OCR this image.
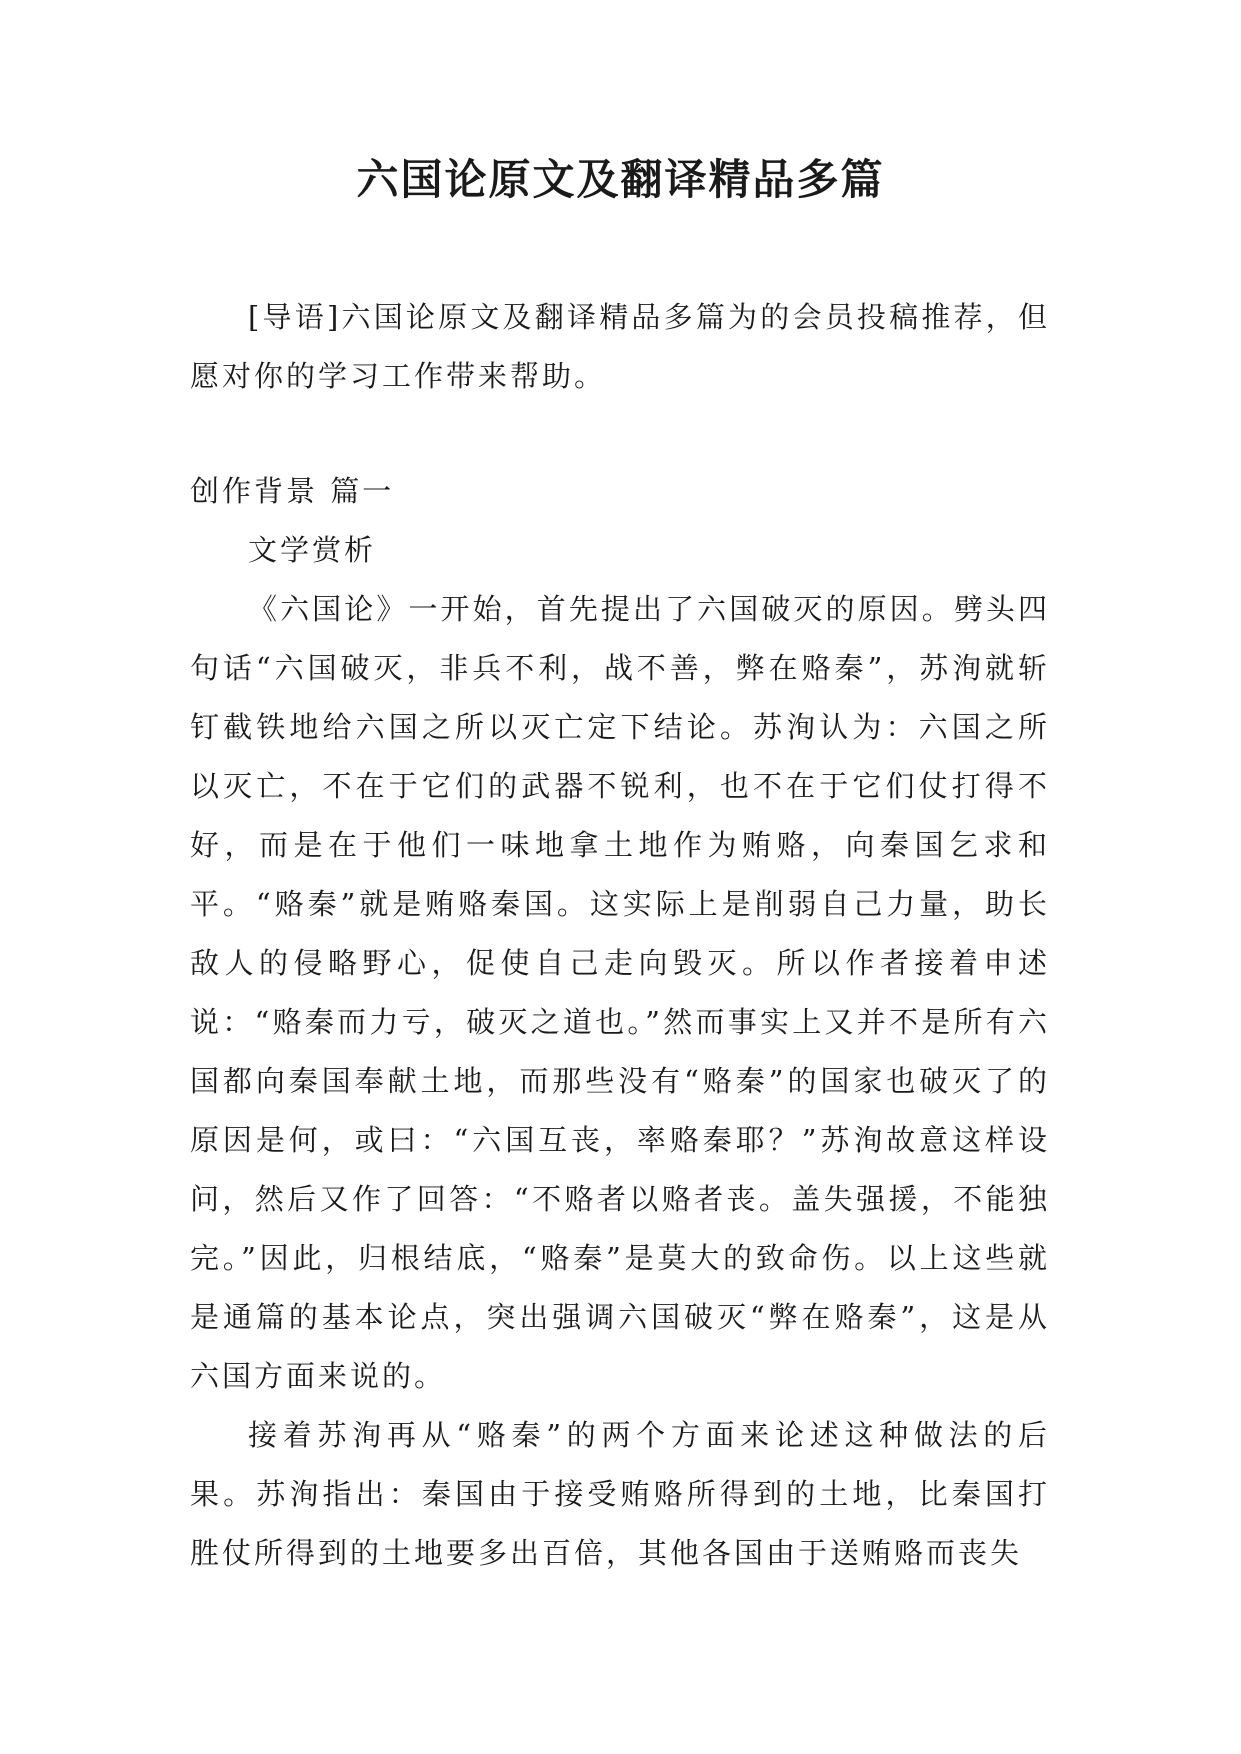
六国论原文及翻译精品多篇

[导语]六国论原文及翻译精品多篇为的会员投稿推荐，但愿对你的学习工作带来帮助。

创作背景 篇一

文学赏析

《六国论》一开始，首先提出了六国破灭的原因。劈头四句话“六国破灭，非兵不利，战不善，弊在赂秦”，苏洵就斩钉截铁地给六国之所以灭亡定下结论。苏洵认为：六国之所以灭亡，不在于它们的武器不锐利，也不在于它们仗打得不好，而是在于他们一味地拿土地作为贿赂，向秦国乞求和平。“赂秦”就是贿赂秦国。这实际上是削弱自己力量，助长敌人的侵略野心，促使自己走向毁灭。所以作者接着申述说：“赂秦而力亏，破灭之道也。”然而事实上又并不是所有六国都向秦国奉献土地，而那些没有“赂秦”的国家也破灭了的原因是何，或曰：“六国互丧，率赂秦耶？”苏洵故意这样设问，然后又作了回答：“不赂者以赂者丧。盖失强援，不能独完。”因此，归根结底，“赂秦”是莫大的致命伤。以上这些就是通篇的基本论点，突出强调六国破灭“弊在赂秦”，这是从六国方面来说的。

接着苏洵再从“赂秦”的两个方面来论述这种做法的后果。苏洵指出：秦国由于接受贿赂所得到的土地，比秦国打胜仗所得到的土地要多出百倍，其他各国由于送贿赂而丧失
